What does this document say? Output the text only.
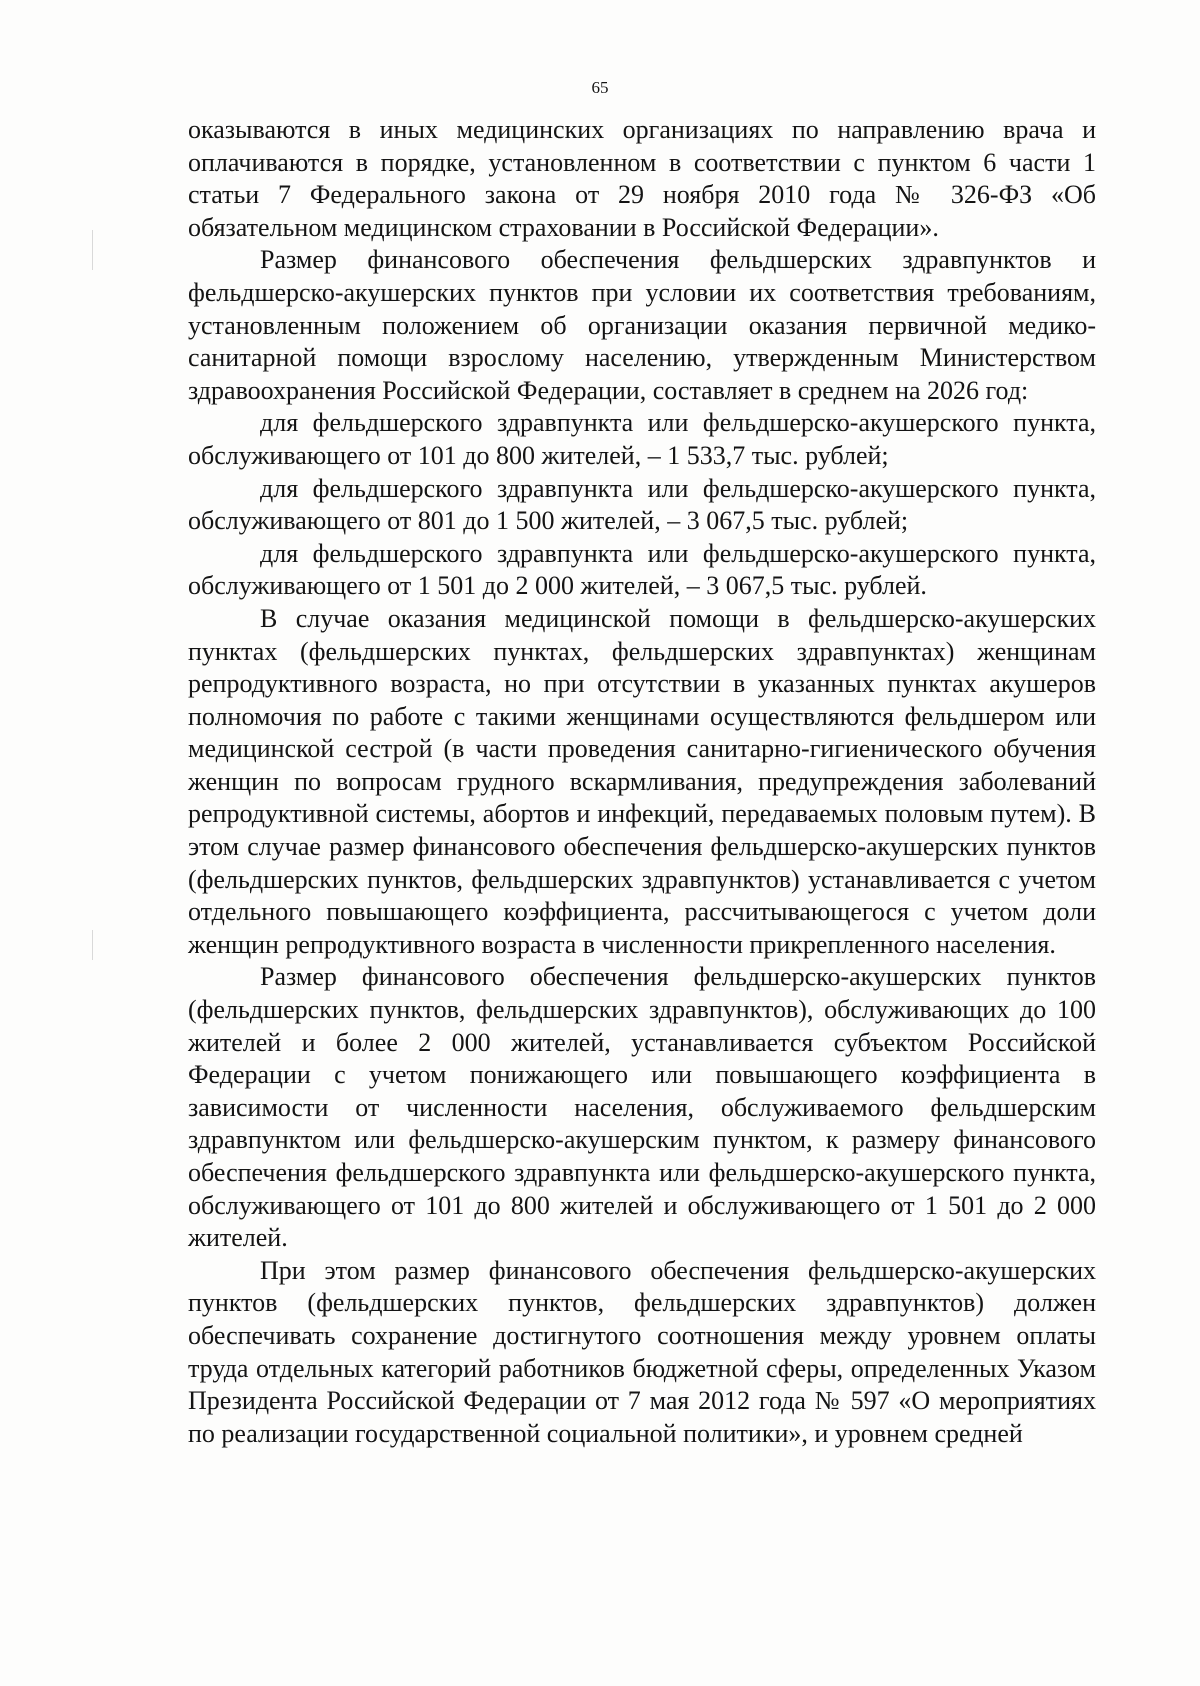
65

оказываются в иных медицинских организациях по направлению врача и оплачиваются в порядке, установленном в соответствии с пунктом 6 части 1 статьи 7 Федерального закона от 29 ноября 2010 года № 326-ФЗ «Об обязательном медицинском страховании в Российской Федерации».

Размер финансового обеспечения фельдшерских здравпунктов и фельдшерско-акушерских пунктов при условии их соответствия требованиям, установленным положением об организации оказания первичной медико-санитарной помощи взрослому населению, утвержденным Министерством здравоохранения Российской Федерации, составляет в среднем на 2026 год:

для фельдшерского здравпункта или фельдшерско-акушерского пункта, обслуживающего от 101 до 800 жителей, – 1 533,7 тыс. рублей;

для фельдшерского здравпункта или фельдшерско-акушерского пункта, обслуживающего от 801 до 1 500 жителей, – 3 067,5 тыс. рублей;

для фельдшерского здравпункта или фельдшерско-акушерского пункта, обслуживающего от 1 501 до 2 000 жителей, – 3 067,5 тыс. рублей.

В случае оказания медицинской помощи в фельдшерско-акушерских пунктах (фельдшерских пунктах, фельдшерских здравпунктах) женщинам репродуктивного возраста, но при отсутствии в указанных пунктах акушеров полномочия по работе с такими женщинами осуществляются фельдшером или медицинской сестрой (в части проведения санитарно-гигиенического обучения женщин по вопросам грудного вскармливания, предупреждения заболеваний репродуктивной системы, абортов и инфекций, передаваемых половым путем). В этом случае размер финансового обеспечения фельдшерско-акушерских пунктов (фельдшерских пунктов, фельдшерских здравпунктов) устанавливается с учетом отдельного повышающего коэффициента, рассчитывающегося с учетом доли женщин репродуктивного возраста в численности прикрепленного населения.

Размер финансового обеспечения фельдшерско-акушерских пунктов (фельдшерских пунктов, фельдшерских здравпунктов), обслуживающих до 100 жителей и более 2 000 жителей, устанавливается субъектом Российской Федерации с учетом понижающего или повышающего коэффициента в зависимости от численности населения, обслуживаемого фельдшерским здравпунктом или фельдшерско-акушерским пунктом, к размеру финансового обеспечения фельдшерского здравпункта или фельдшерско-акушерского пункта, обслуживающего от 101 до 800 жителей и обслуживающего от 1 501 до 2 000 жителей.

При этом размер финансового обеспечения фельдшерско-акушерских пунктов (фельдшерских пунктов, фельдшерских здравпунктов) должен обеспечивать сохранение достигнутого соотношения между уровнем оплаты труда отдельных категорий работников бюджетной сферы, определенных Указом Президента Российской Федерации от 7 мая 2012 года № 597 «О мероприятиях по реализации государственной социальной политики», и уровнем средней
